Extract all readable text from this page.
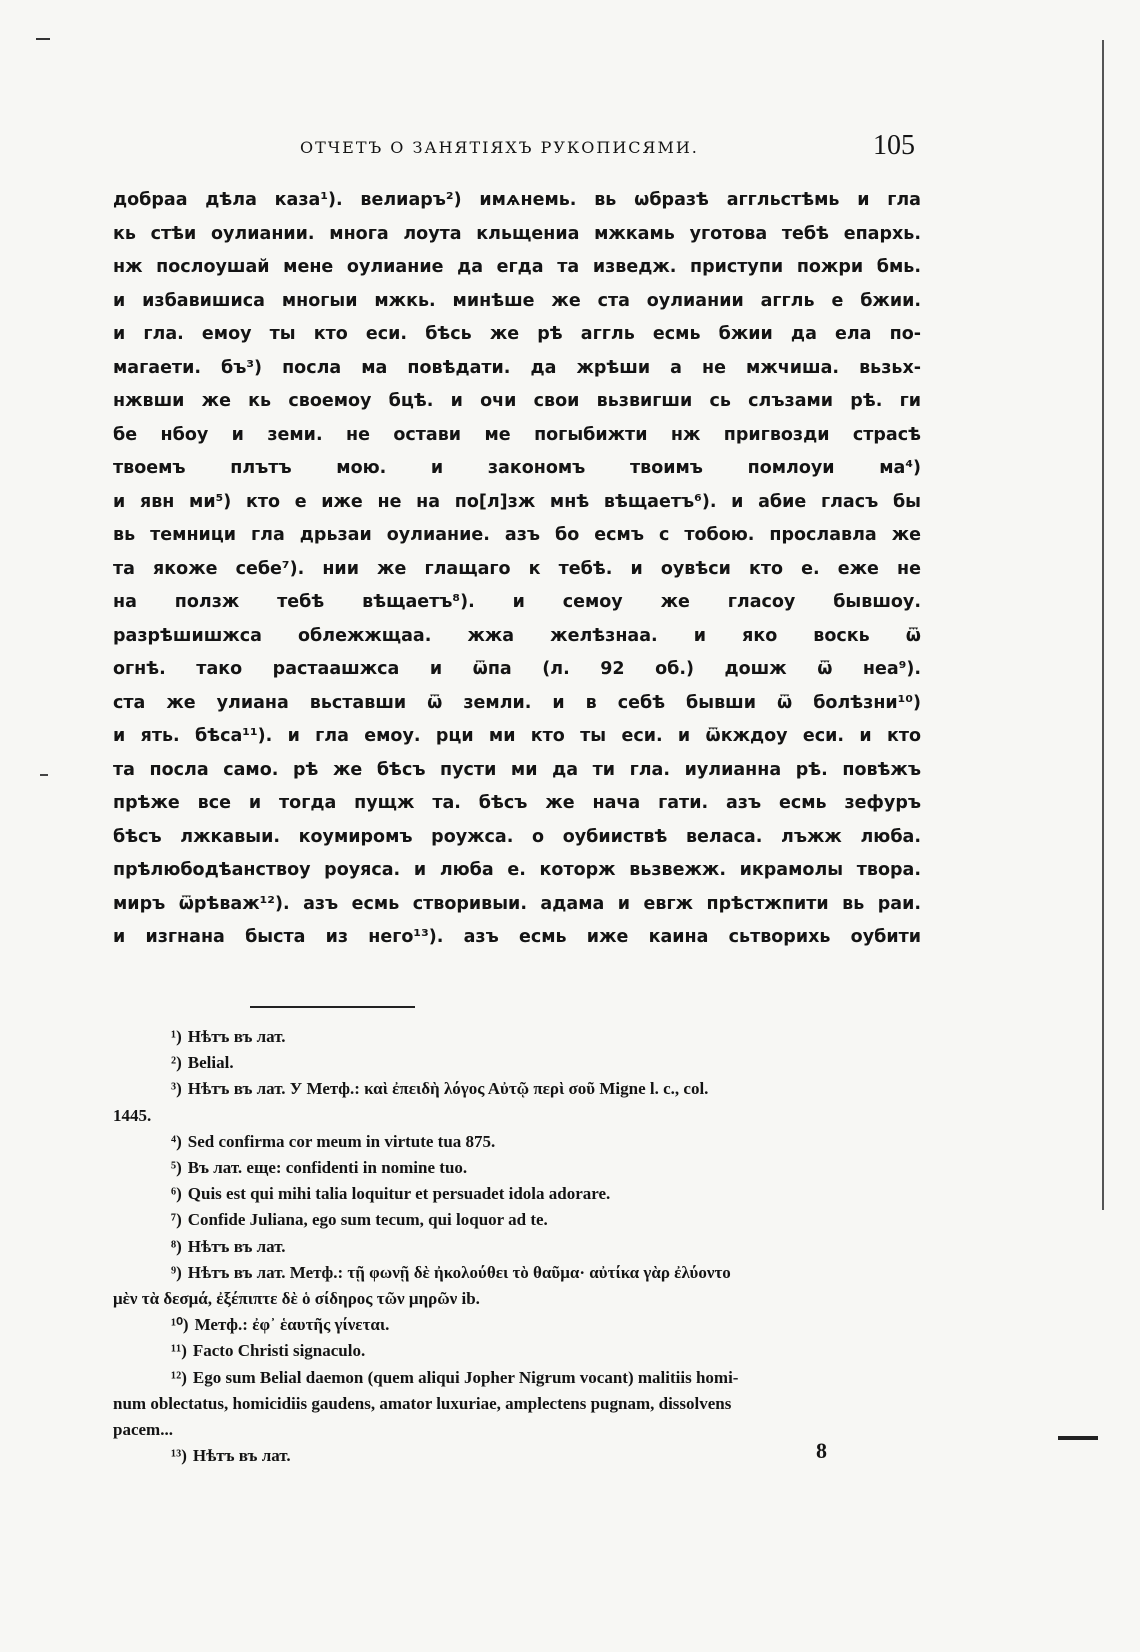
ОТЧЕТЪ О ЗАНЯТІЯХЪ РУКОПИСЯМИ.	105
добраа дѣла каза¹). велиаръ²) имѧнемь. вь ѡбразѣ аггльстѣмь и гла
кь стѣи оулиании. многа лоута кльщениа мжкамь уготова тебѣ епархь.
нж послоушай мене оулиание да егда та изведж. приступи пожри бмь.
и избавишиса многыи мжкь. минѣше же ста оулиании аггль е бжии.
и гла. емоу ты кто еси. бѣсь же рѣ аггль есмь бжии да ела по-
магаети. бъ³) посла ма повѣдати. да жрѣши а не мжчиша. вьзьх-
нжвши же кь своемоу бцѣ. и очи свои вьзвигши сь слъзами рѣ. ги
бе нбоу и земи. не остави ме погыбижти нж пригвозди страсѣ
твоемъ плътъ мою. и закономъ твоимъ помлоуи ма⁴)
и явн ми⁵) кто е иже не на по[л]зж мнѣ вѣщаетъ⁶). и абие гласъ бы
вь темници гла дрьзаи оулиание. азъ бо есмъ с тобою. прославла же
та якоже себе⁷). нии же глащаго к тебѣ. и оувѣси кто е. еже не
на ползж тебѣ вѣщаетъ⁸). и семоу же гласоу бывшоу.
разрѣшишжса облежжщаа. жжа желѣзнаа. и яко воскь ѿ
огнѣ. тако растаашжса и ѿпа (л. 92 об.) дошж ѿ неа⁹).
ста же улиана вьставши ѿ земли. и в себѣ бывши ѿ болѣзни¹⁰)
и ять. бѣса¹¹). и гла емоу. рци ми кто ты еси. и ѿкждоу еси. и кто
та посла само. рѣ же бѣсъ пусти ми да ти гла. иулианна рѣ. повѣжъ
прѣже все и тогда пущж та. бѣсъ же нача гати. азъ есмь зефуръ
бѣсъ лжкавыи. коумиромъ роужса. о оубииствѣ веласа. лъжж люба.
прѣлюбодѣанствоу роуяса. и люба е. которж вьзвежж. икрамолы твора.
миръ ѿрѣваж¹²). азъ есмь створивыи. адама и евгж прѣстжпити вь раи.
и изгнана быста из него¹³). азъ есмь иже каина сьтворихь оубити
¹) Нѣтъ въ лат.
²) Belial.
³) Нѣтъ въ лат. У Метф.: καὶ ἐπειδὴ λόγος Αὐτῷ περὶ σοῦ Migne l. c., col.
1445.
⁴) Sed confirma cor meum in virtute tua 875.
⁵) Въ лат. еще: confidenti in nomine tuo.
⁶) Quis est qui mihi talia loquitur et persuadet idola adorare.
⁷) Confide Juliana, ego sum tecum, qui loquor ad te.
⁸) Нѣтъ въ лат.
⁹) Нѣтъ въ лат. Метф.: τῇ φωνῇ δὲ ἠκολούθει τὸ θαῦμα· αὐτίκα γὰρ ἐλύοντο
μὲν τὰ δεσμά, ἐξέπιπτε δὲ ὁ σίδηρος τῶν μηρῶν ib.
¹⁰) Метф.: ἐφ᾽ ἑαυτῆς γίνεται.
¹¹) Facto Christi signaculo.
¹²) Ego sum Belial daemon (quem aliqui Jopher Nigrum vocant) malitiis homi-
num oblectatus, homicidiis gaudens, amator luxuriae, amplectens pugnam, dissolvens
pacem...
¹³) Нѣтъ въ лат.	8
